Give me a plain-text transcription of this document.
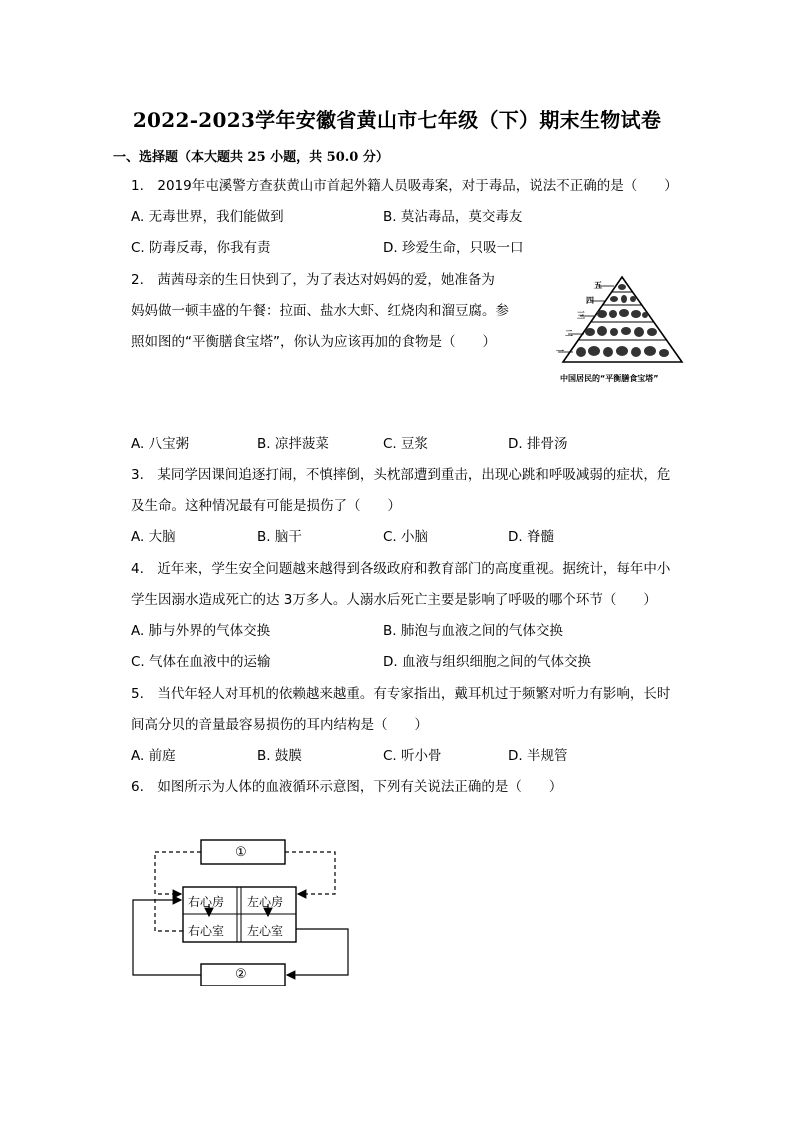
2022-2023学年安徽省黄山市七年级（下）期末生物试卷
一、选择题（本大题共 25 小题，共 50.0 分）
1.　2019年屯溪警方查获黄山市首起外籍人员吸毒案，对于毒品，说法不正确的是（　　）
A. 无毒世界，我们能做到	B. 莫沾毒品，莫交毒友
C. 防毒反毒，你我有责	D. 珍爱生命，只吸一口
2.　茜茜母亲的生日快到了，为了表达对妈妈的爱，她准备为
妈妈做一顿丰盛的午餐：拉面、盐水大虾、红烧肉和溜豆腐。参
照如图的“平衡膳食宝塔”，你认为应该再加的食物是（　　）
五
四
三
二
一
中国居民的“平衡膳食宝塔”
A. 八宝粥	B. 凉拌菠菜	C. 豆浆	D. 排骨汤
3.　某同学因课间追逐打闹，不慎摔倒，头枕部遭到重击，出现心跳和呼吸减弱的症状，危
及生命。这种情况最有可能是损伤了（　　）
A. 大脑	B. 脑干	C. 小脑	D. 脊髓
4.　近年来，学生安全问题越来越得到各级政府和教育部门的高度重视。据统计，每年中小
学生因溺水造成死亡的达 3万多人。人溺水后死亡主要是影响了呼吸的哪个环节（　　）
A. 肺与外界的气体交换	B. 肺泡与血液之间的气体交换
C. 气体在血液中的运输	D. 血液与组织细胞之间的气体交换
5.　当代年轻人对耳机的依赖越来越重。有专家指出，戴耳机过于频繁对听力有影响，长时
间高分贝的音量最容易损伤的耳内结构是（　　）
A. 前庭	B. 鼓膜	C. 听小骨	D. 半规管
6.　如图所示为人体的血液循环示意图，下列有关说法正确的是（　　）
①
②
右心房 左心房
右心室 左心室
